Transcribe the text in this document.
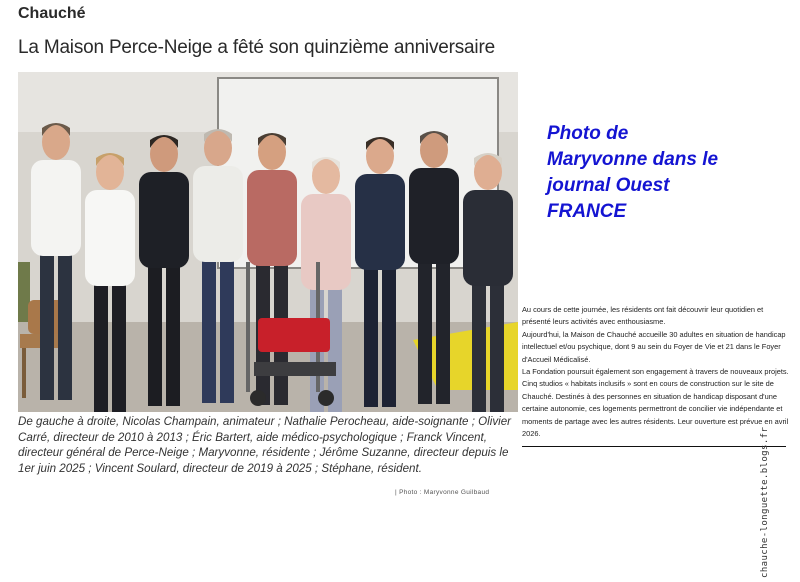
Chauché
La Maison Perce-Neige a fêté son quinzième anniversaire
De gauche à droite, Nicolas Champain, animateur ; Nathalie Perocheau, aide-soignante ; Olivier Carré, directeur de 2010 à 2013 ; Éric Bartert, aide médico-psychologique ; Franck Vincent, directeur général de Perce-Neige ; Maryvonne, résidente ; Jérôme Suzanne, directeur depuis le 1er juin 2025 ; Vincent Soulard, directeur de 2019 à 2025 ; Stéphane, résident.
| Photo : Maryvonne Guilbaud
Photo de
Maryvonne dans le
journal Ouest
FRANCE

Au cours de cette journée, les résidents ont fait découvrir leur quotidien et présenté leurs activités avec enthousiasme.

Aujourd'hui, la Maison de Chauché accueille 30 adultes en situation de handicap intellectuel et/ou psychique, dont 9 au sein du Foyer de Vie et 21 dans le Foyer d'Accueil Médicalisé.

La Fondation poursuit également son engagement à travers de nouveaux projets. Cinq studios « habitats inclusifs » sont en cours de construction sur le site de Chauché. Destinés à des personnes en situation de handicap disposant d'une certaine autonomie, ces logements permettront de concilier vie indépendante et moments de partage avec les autres résidents. Leur ouverture est prévue en avril 2026.	chauche-longuette.blogs.fr
